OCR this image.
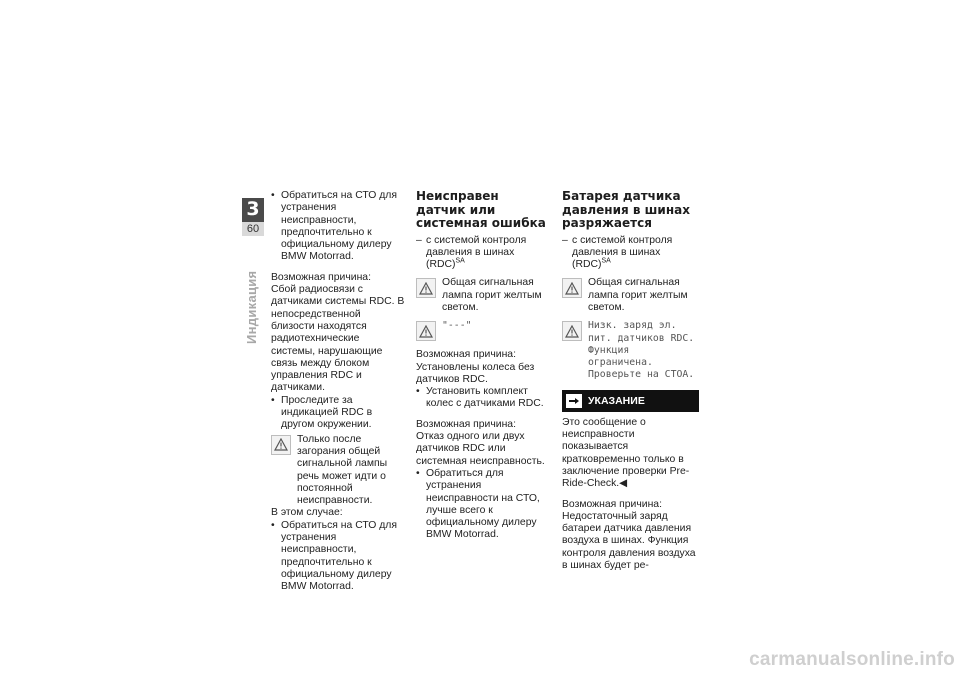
3
60
Индикация

• Обратиться на СТО для устранения неисправности, предпочтительно к официальному дилеру BMW Motorrad.

Возможная причина:

Сбой радиосвязи с датчиками системы RDC. В непосредственной близости находятся радиотехнические системы, нарушающие связь между блоком управления RDC и датчиками.

• Проследите за индикацией RDC в другом окружении.

Только после загорания общей сигнальной лампы речь может идти о постоянной неисправности.

В этом случае:

• Обратиться на СТО для устранения неисправности, предпочтительно к официальному дилеру BMW Motorrad.

Неисправен датчик или системная ошибка

– с системой контроля давления в шинах (RDC)$^{SA}$

Общая сигнальная лампа горит желтым светом.

"---"

Возможная причина:

Установлены колеса без датчиков RDC.

• Установить комплект колес с датчиками RDC.

Возможная причина:

Отказ одного или двух датчиков RDC или системная неисправность.

• Обратиться для устранения неисправности на СТО, лучше всего к официальному дилеру BMW Motorrad.

Батарея датчика давления в шинах разряжается

– с системой контроля давления в шинах (RDC)$^{SA}$

Общая сигнальная лампа горит желтым светом.

Низк. заряд эл. пит. датчиков RDC. Функция ограничена. Проверьте на СТОА.

УКАЗАНИЕ

Это сообщение о неисправности показывается кратковременно только в заключение проверки Pre-Ride-Check.◀

Возможная причина:

Недостаточный заряд батареи датчика давления воздуха в шинах. Функция контроля давления воздуха в шинах будет ре-

carmanualsonline.info
